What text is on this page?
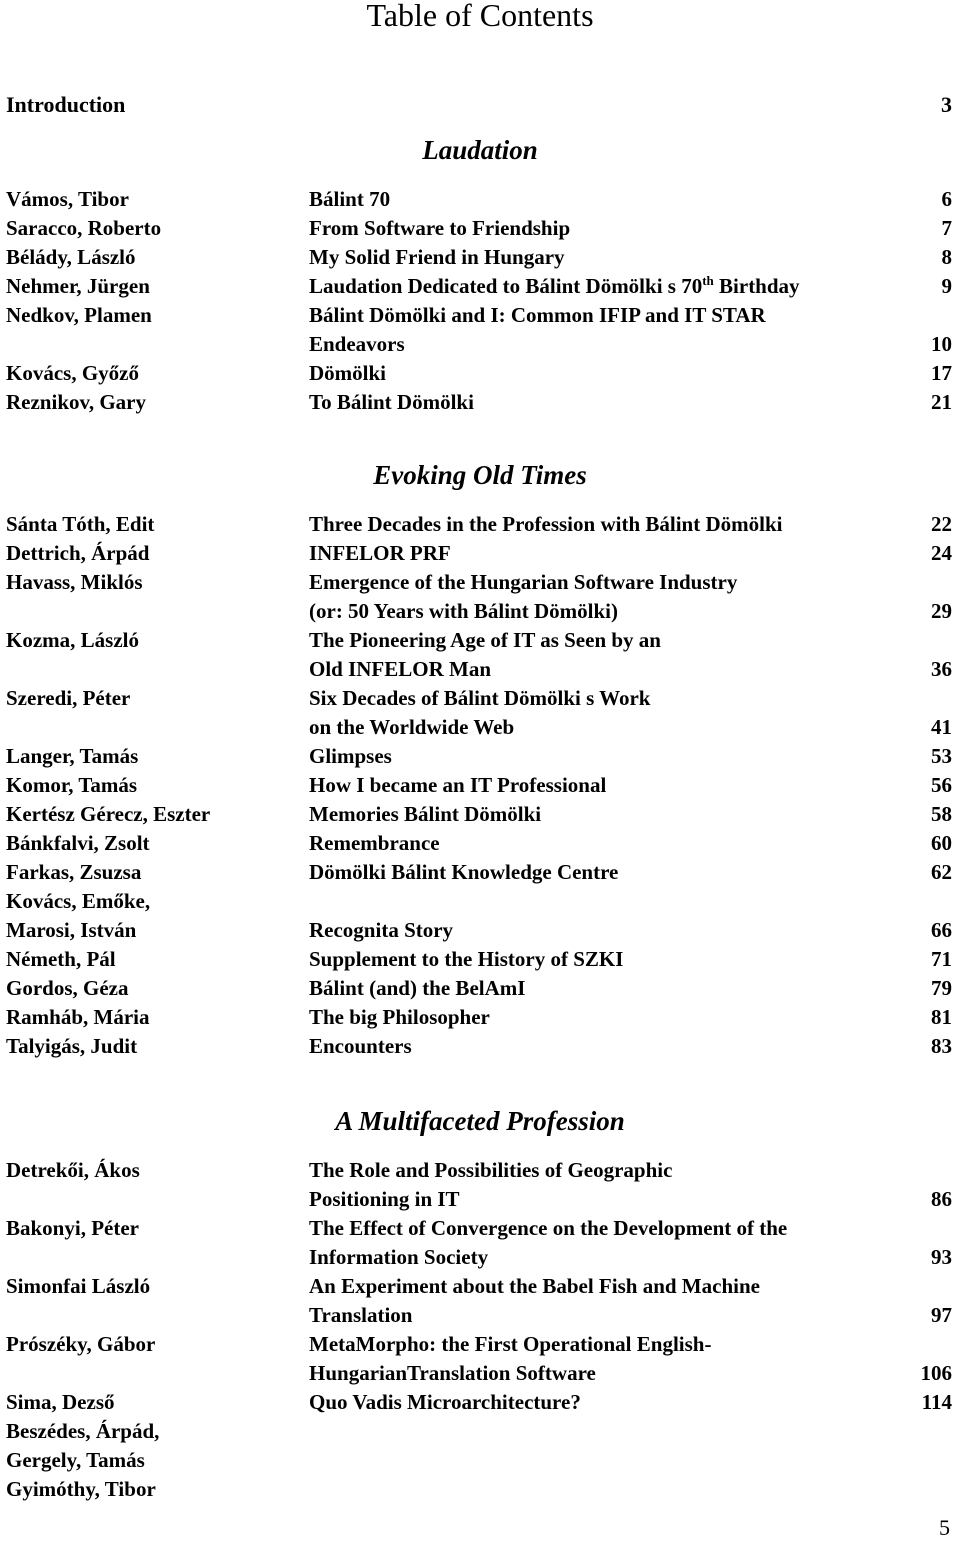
Table of Contents
Introduction	3
Laudation
Vámos, Tibor	Bálint 70	6
Saracco, Roberto	From Software to Friendship	7
Bélády, László	My Solid Friend in Hungary	8
Nehmer, Jürgen	Laudation Dedicated to Bálint Dömölki s 70th Birthday	9
Nedkov, Plamen	Bálint Dömölki and I: Common IFIP and IT STAR
Endeavors	10
Kovács, Győző	Dömölki	17
Reznikov, Gary	To Bálint Dömölki	21
Evoking Old Times
Sánta Tóth, Edit	Three Decades in the Profession with Bálint Dömölki	22
Dettrich, Árpád	INFELOR PRF	24
Havass, Miklós	Emergence of the Hungarian Software Industry
(or: 50 Years with Bálint Dömölki)	29
Kozma, László	The Pioneering Age of IT as Seen by an
Old INFELOR Man	36
Szeredi, Péter	Six Decades of Bálint Dömölki s Work
on the Worldwide Web	41
Langer, Tamás	Glimpses	53
Komor, Tamás	How I became an IT Professional	56
Kertész Gérecz, Eszter	Memories Bálint Dömölki	58
Bánkfalvi, Zsolt	Remembrance	60
Farkas, Zsuzsa	Dömölki Bálint Knowledge Centre	62
Kovács, Emőke,
Marosi, István	Recognita Story	66
Németh, Pál	Supplement to the History of SZKI	71
Gordos, Géza	Bálint (and) the BelAmI	79
Ramháb, Mária	The big Philosopher	81
Talyigás, Judit	Encounters	83
A Multifaceted Profession
Detrekői, Ákos	The Role and Possibilities of Geographic
Positioning in IT	86
Bakonyi, Péter	The Effect of Convergence on the Development of the
Information Society	93
Simonfai László	An Experiment about the Babel Fish and Machine
Translation	97
Prószéky, Gábor	MetaMorpho: the First Operational English-
HungarianTranslation Software	106
Sima, Dezső	Quo Vadis Microarchitecture?	114
Beszédes, Árpád,
Gergely, Tamás
Gyimóthy, Tibor
5
